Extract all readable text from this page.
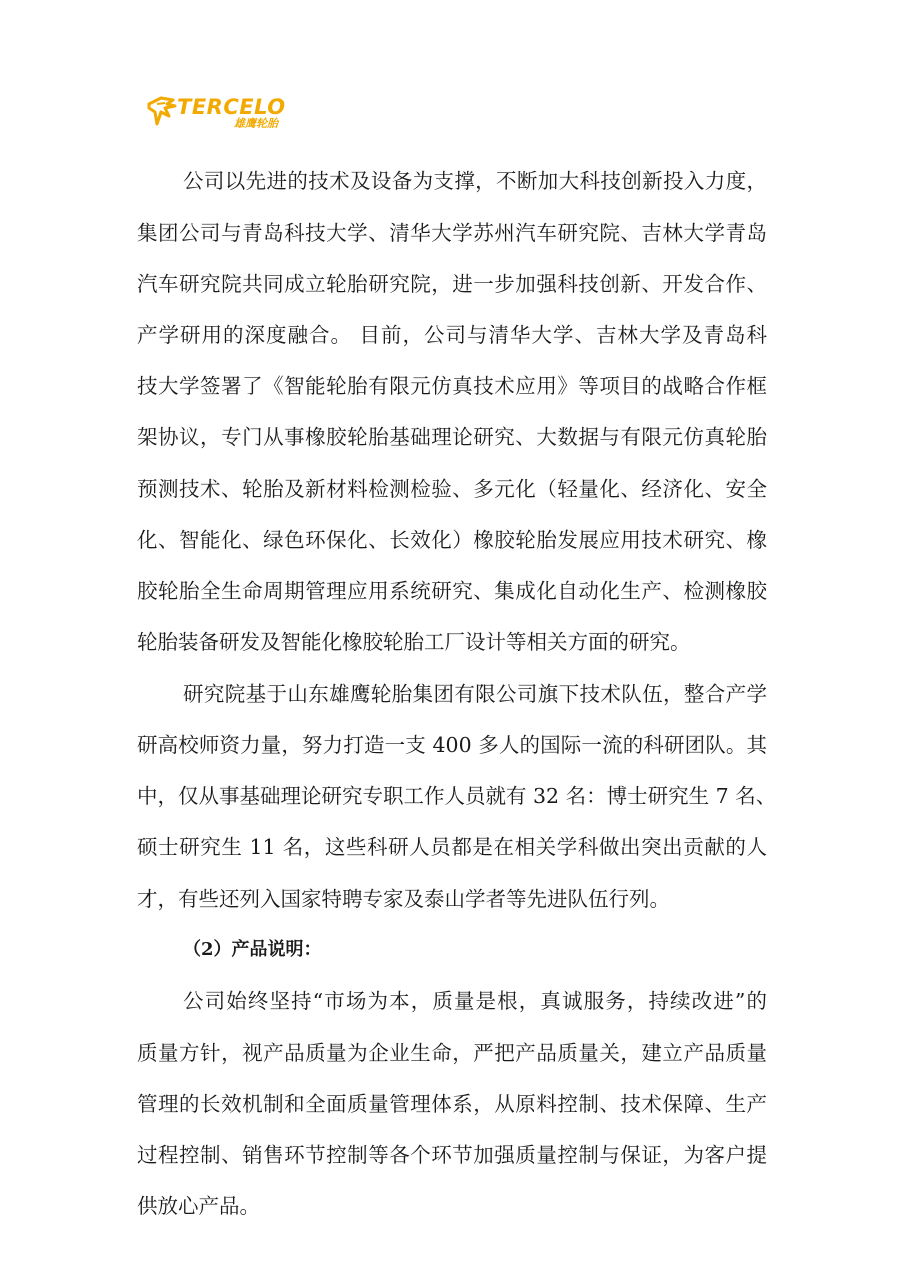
TERCELO
雄鹰轮胎
公司以先进的技术及设备为支撑，不断加大科技创新投入力度，
集团公司与青岛科技大学、清华大学苏州汽车研究院、吉林大学青岛
汽车研究院共同成立轮胎研究院，进一步加强科技创新、开发合作、
产学研用的深度融合。 目前，公司与清华大学、吉林大学及青岛科
技大学签署了《智能轮胎有限元仿真技术应用》等项目的战略合作框
架协议，专门从事橡胶轮胎基础理论研究、大数据与有限元仿真轮胎
预测技术、轮胎及新材料检测检验、多元化（轻量化、经济化、安全
化、智能化、绿色环保化、长效化）橡胶轮胎发展应用技术研究、橡
胶轮胎全生命周期管理应用系统研究、集成化自动化生产、检测橡胶
轮胎装备研发及智能化橡胶轮胎工厂设计等相关方面的研究。
研究院基于山东雄鹰轮胎集团有限公司旗下技术队伍，整合产学
研高校师资力量，努力打造一支 400 多人的国际一流的科研团队。其
中，仅从事基础理论研究专职工作人员就有 32 名：博士研究生 7 名、
硕士研究生 11 名，这些科研人员都是在相关学科做出突出贡献的人
才，有些还列入国家特聘专家及泰山学者等先进队伍行列。
（2）产品说明：
公司始终坚持“市场为本，质量是根，真诚服务，持续改进”的
质量方针，视产品质量为企业生命，严把产品质量关，建立产品质量
管理的长效机制和全面质量管理体系，从原料控制、技术保障、生产
过程控制、销售环节控制等各个环节加强质量控制与保证，为客户提
供放心产品。
